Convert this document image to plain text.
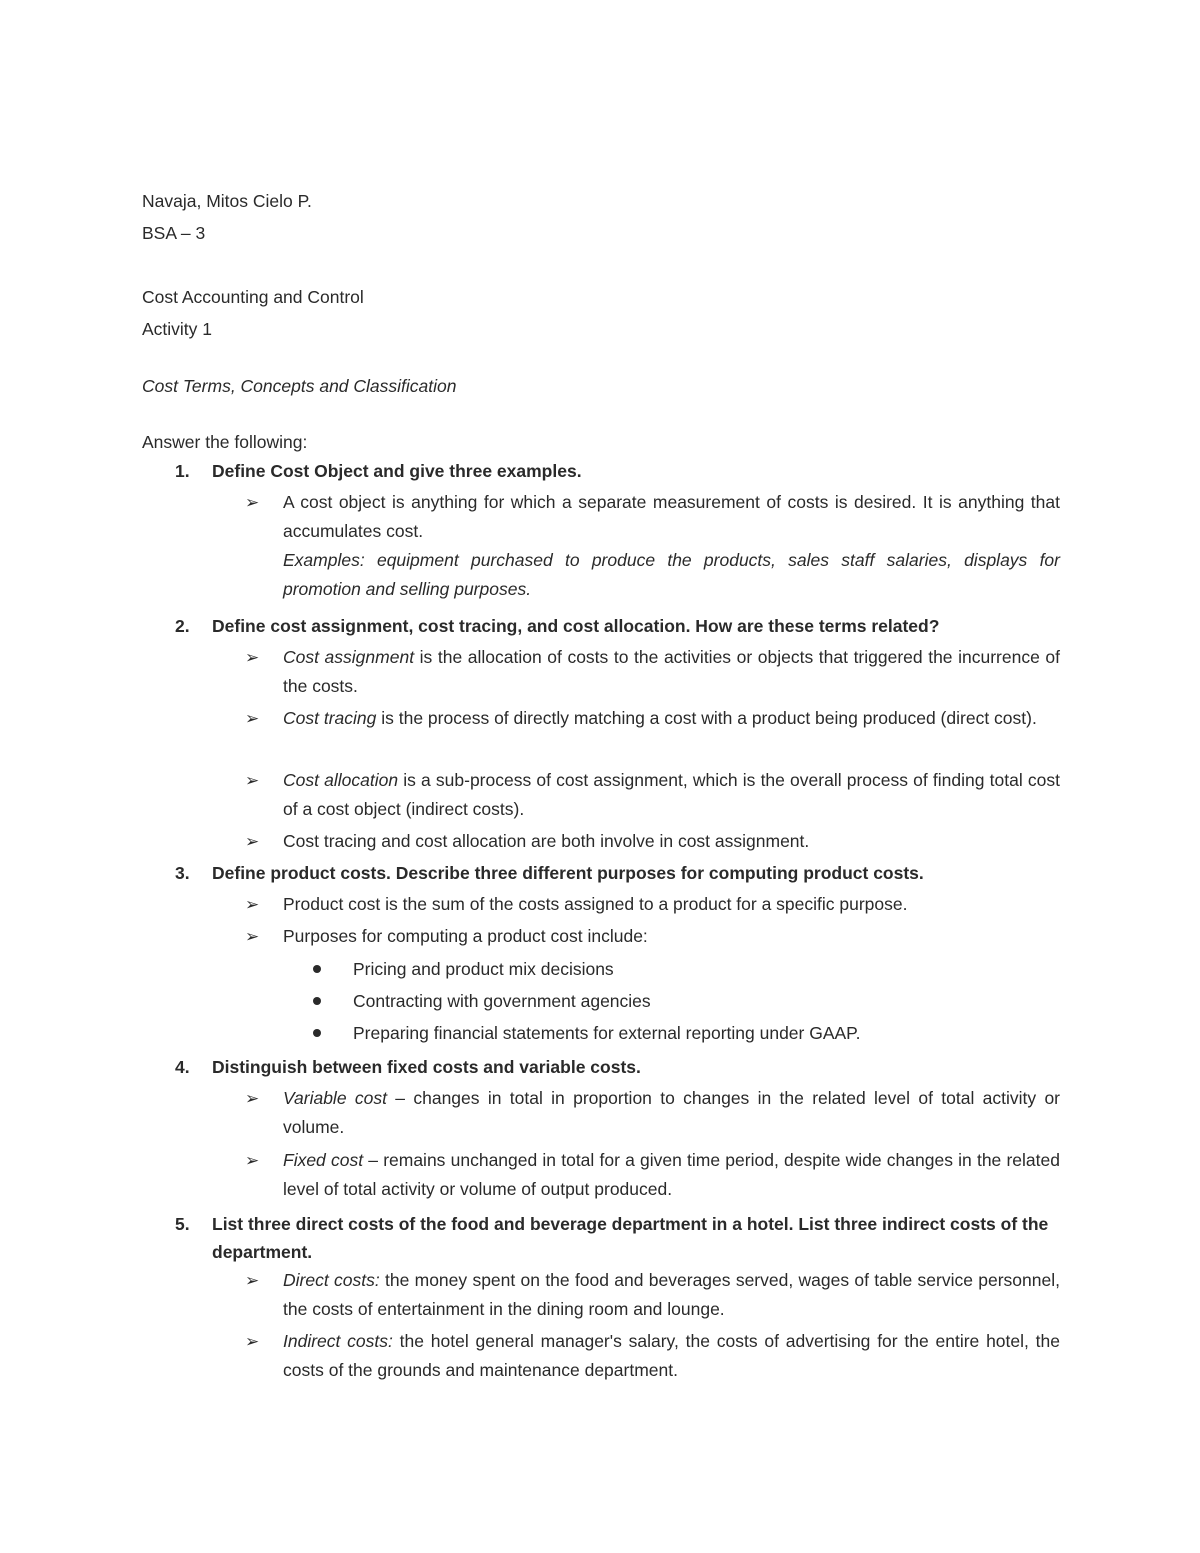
Navaja, Mitos Cielo P.
BSA – 3
Cost Accounting and Control
Activity 1
Cost Terms, Concepts and Classification
Answer the following:
1. Define Cost Object and give three examples.
➢ A cost object is anything for which a separate measurement of costs is desired. It is anything that accumulates cost.
Examples: equipment purchased to produce the products, sales staff salaries, displays for promotion and selling purposes.
2. Define cost assignment, cost tracing, and cost allocation. How are these terms related?
➢ Cost assignment is the allocation of costs to the activities or objects that triggered the incurrence of the costs.
➢ Cost tracing is the process of directly matching a cost with a product being produced (direct cost).
➢ Cost allocation is a sub-process of cost assignment, which is the overall process of finding total cost of a cost object (indirect costs).
➢ Cost tracing and cost allocation are both involve in cost assignment.
3. Define product costs. Describe three different purposes for computing product costs.
➢ Product cost is the sum of the costs assigned to a product for a specific purpose.
➢ Purposes for computing a product cost include:
Pricing and product mix decisions
Contracting with government agencies
Preparing financial statements for external reporting under GAAP.
4. Distinguish between fixed costs and variable costs.
➢ Variable cost – changes in total in proportion to changes in the related level of total activity or volume.
➢ Fixed cost – remains unchanged in total for a given time period, despite wide changes in the related level of total activity or volume of output produced.
5. List three direct costs of the food and beverage department in a hotel. List three indirect costs of the department.
➢ Direct costs: the money spent on the food and beverages served, wages of table service personnel, the costs of entertainment in the dining room and lounge.
➢ Indirect costs: the hotel general manager's salary, the costs of advertising for the entire hotel, the costs of the grounds and maintenance department.
